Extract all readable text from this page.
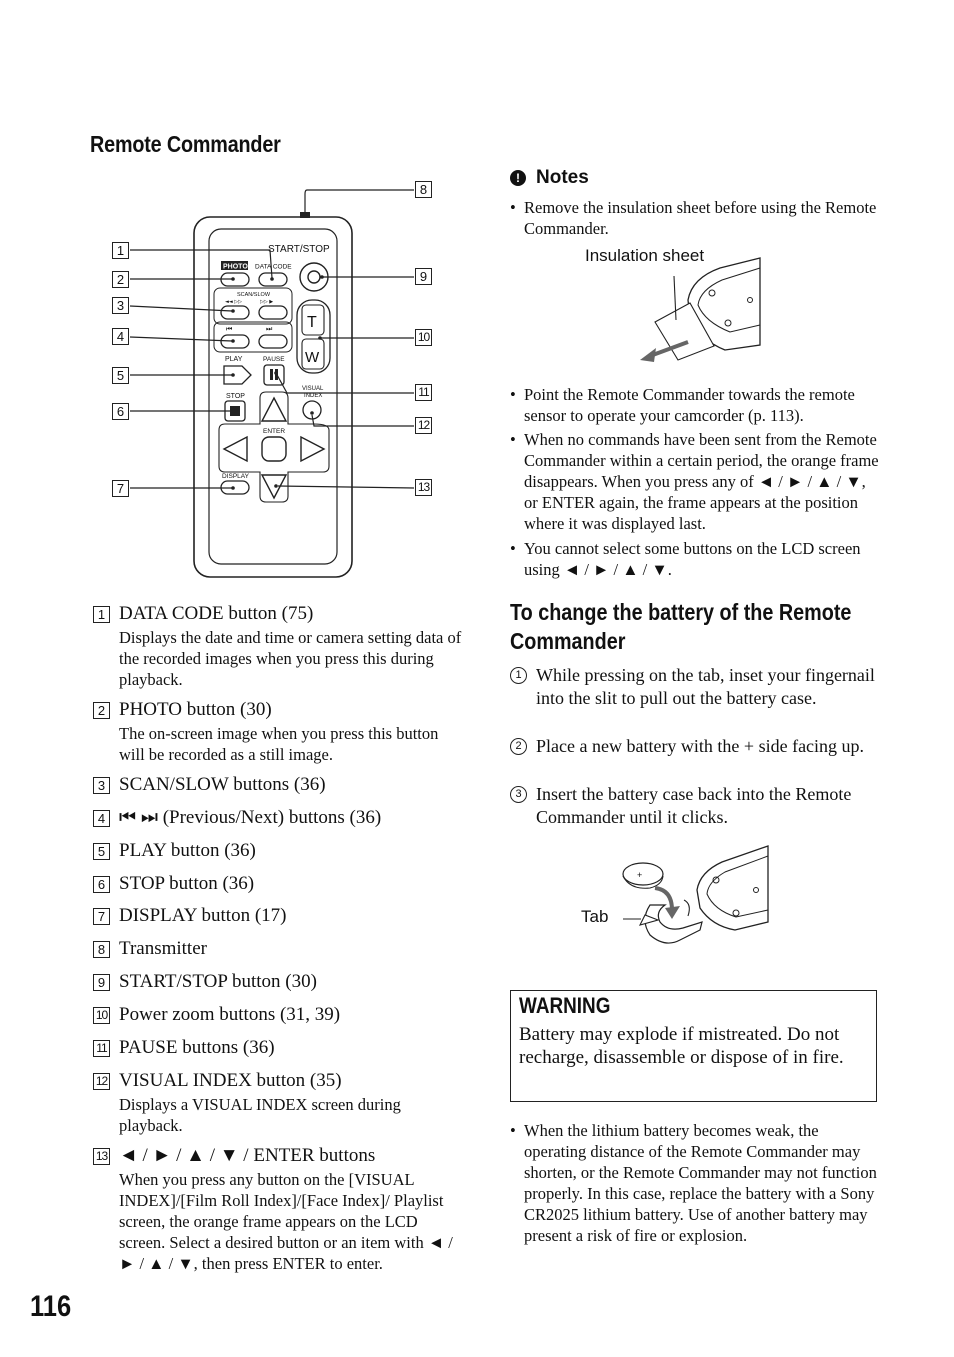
Remote Commander
START/STOP
PHOTO DATA CODE
SCAN/SLOW
◄◄ ▷▷	▷▷ ▶
⏮	⏭ T
W
PLAY	PAUSE
STOP
VISUAL
INDEX
ENTER
DISPLAY
1
2
3
4
5
6
7
8
9
10
11
12
13
1 DATA CODE button (75)
Displays the date and time or camera setting data of the recorded images when you press this during playback.
2 PHOTO button (30)
The on-screen image when you press this button will be recorded as a still image.
3 SCAN/SLOW buttons (36)
4 ⏮ ⏭ (Previous/Next) buttons (36)
5 PLAY button (36)
6 STOP button (36)
7 DISPLAY button (17)
8 Transmitter
9 START/STOP button (30)
10 Power zoom buttons (31, 39)
11 PAUSE buttons (36)
12 VISUAL INDEX button (35)
Displays a VISUAL INDEX screen during playback.
13 ◄ / ► / ▲ / ▼ / ENTER buttons
When you press any button on the [VISUAL INDEX]/[Film Roll Index]/[Face Index]/ Playlist screen, the orange frame appears on the LCD screen. Select a desired button or an item with ◄ / ► / ▲ / ▼, then press ENTER to enter.
! Notes
• Remove the insulation sheet before using the Remote Commander.
Insulation sheet
• Point the Remote Commander towards the remote sensor to operate your camcorder (p. 113).
• When no commands have been sent from the Remote Commander within a certain period, the orange frame disappears. When you press any of ◄ / ► / ▲ / ▼, or ENTER again, the frame appears at the position where it was displayed last.
• You cannot select some buttons on the LCD screen using ◄ / ► / ▲ / ▼.
To change the battery of the Remote Commander
1 While pressing on the tab, inset your fingernail into the slit to pull out the battery case.
2 Place a new battery with the + side facing up.
3 Insert the battery case back into the Remote Commander until it clicks.
Tab
+
WARNING
Battery may explode if mistreated. Do not recharge, disassemble or dispose of in fire.
• When the lithium battery becomes weak, the operating distance of the Remote Commander may shorten, or the Remote Commander may not function properly. In this case, replace the battery with a Sony CR2025 lithium battery. Use of another battery may present a risk of fire or explosion.
116
